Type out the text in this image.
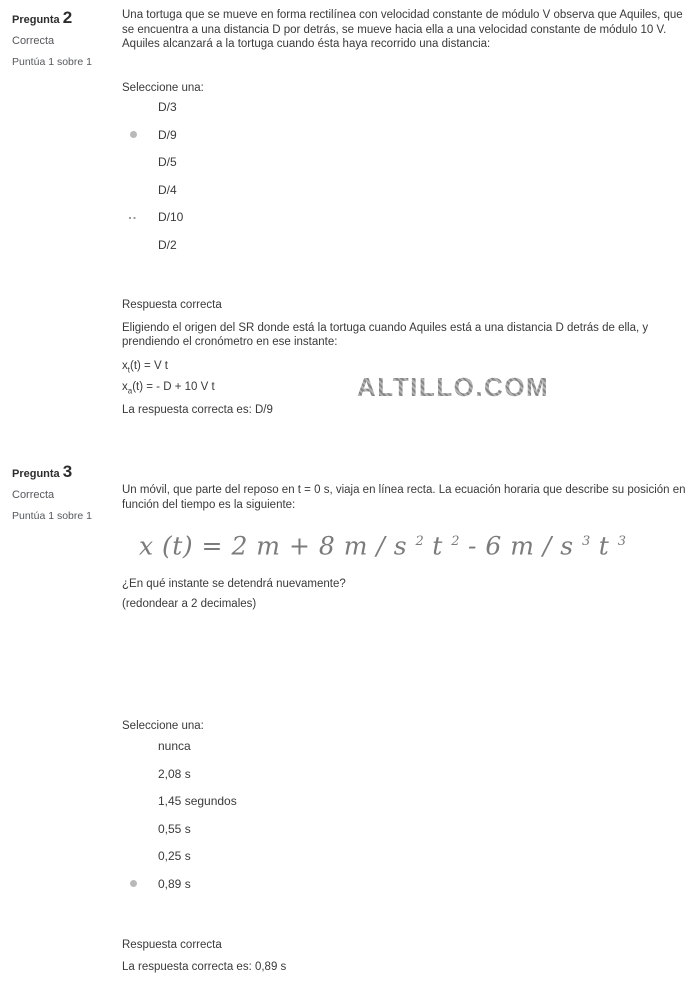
Pregunta 2
Correcta
Puntúa 1 sobre 1
Una tortuga que se mueve en forma rectilínea con velocidad constante de módulo V observa que Aquiles, que se encuentra a una distancia D por detrás, se mueve hacia ella a una velocidad constante de módulo 10 V. Aquiles alcanzará a la tortuga cuando ésta haya recorrido una distancia:
Seleccione una:
D/3
D/9
D/5
D/4
D/10
D/2
Respuesta correcta
Eligiendo el origen del SR donde está la tortuga cuando Aquiles está a una distancia D detrás de ella, y prendiendo el cronómetro en ese instante:
$x_t(t) = V$ t
$x_a(t)$ = - D + 10 V t
La respuesta correcta es: D/9
ALTILLO.COM
Pregunta 3
Correcta
Puntúa 1 sobre 1
Un móvil, que parte del reposo en t = 0 s, viaja en línea recta. La ecuación horaria que describe su posición en función del tiempo es la siguiente:
x (t) = 2 m + 8 m / s $^2$ t $^2$ - 6 m / s $^3$ t $^3$
¿En qué instante se detendrá nuevamente?
(redondear a 2 decimales)
Seleccione una:
nunca
2,08 s
1,45 segundos
0,55 s
0,25 s
0,89 s
Respuesta correcta
La respuesta correcta es: 0,89 s
